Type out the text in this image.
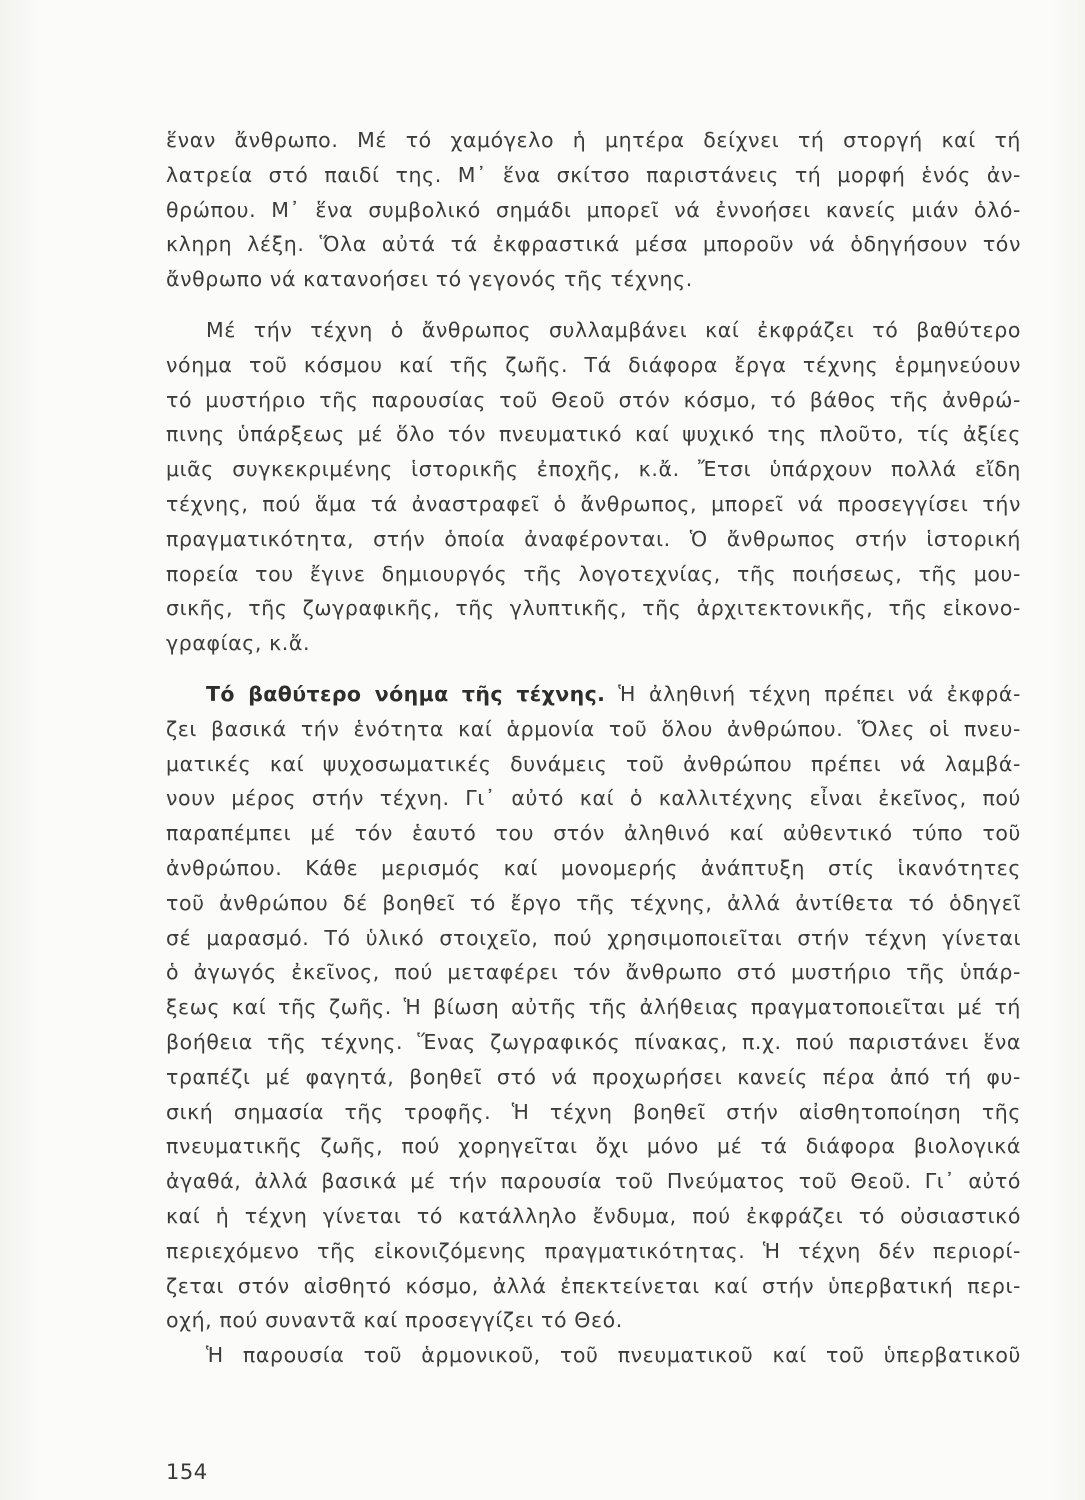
ἕναν ἄνθρωπο. Μέ τό χαμόγελο ἡ μητέρα δείχνει τή στοργή καί τή
λατρεία στό παιδί της. Μ᾽ ἕνα σκίτσο παριστάνεις τή μορφή ἑνός ἀν-
θρώπου. Μ᾽ ἕνα συμβολικό σημάδι μπορεῖ νά ἐννοήσει κανείς μιάν ὁλό-
κληρη λέξη. Ὅλα αὐτά τά ἐκφραστικά μέσα μποροῦν νά ὁδηγήσουν τόν
ἄνθρωπο νά κατανοήσει τό γεγονός τῆς τέχνης.
Μέ τήν τέχνη ὁ ἄνθρωπος συλλαμβάνει καί ἐκφράζει τό βαθύτερο
νόημα τοῦ κόσμου καί τῆς ζωῆς. Τά διάφορα ἔργα τέχνης ἑρμηνεύουν
τό μυστήριο τῆς παρουσίας τοῦ Θεοῦ στόν κόσμο, τό βάθος τῆς ἀνθρώ-
πινης ὑπάρξεως μέ ὅλο τόν πνευματικό καί ψυχικό της πλοῦτο, τίς ἀξίες
μιᾶς συγκεκριμένης ἱστορικῆς ἐποχῆς, κ.ἄ. Ἔτσι ὑπάρχουν πολλά εἴδη
τέχνης, πού ἅμα τά ἀναστραφεῖ ὁ ἄνθρωπος, μπορεῖ νά προσεγγίσει τήν
πραγματικότητα, στήν ὁποία ἀναφέρονται. Ὁ ἄνθρωπος στήν ἱστορική
πορεία του ἔγινε δημιουργός τῆς λογοτεχνίας, τῆς ποιήσεως, τῆς μου-
σικῆς, τῆς ζωγραφικῆς, τῆς γλυπτικῆς, τῆς ἀρχιτεκτονικῆς, τῆς εἰκονο-
γραφίας, κ.ἄ.
Τό βαθύτερο νόημα τῆς τέχνης. Ἡ ἀληθινή τέχνη πρέπει νά ἐκφρά-
ζει βασικά τήν ἑνότητα καί ἁρμονία τοῦ ὅλου ἀνθρώπου. Ὅλες οἱ πνευ-
ματικές καί ψυχοσωματικές δυνάμεις τοῦ ἀνθρώπου πρέπει νά λαμβά-
νουν μέρος στήν τέχνη. Γι᾽ αὐτό καί ὁ καλλιτέχνης εἶναι ἐκεῖνος, πού
παραπέμπει μέ τόν ἑαυτό του στόν ἀληθινό καί αὐθεντικό τύπο τοῦ
ἀνθρώπου. Κάθε μερισμός καί μονομερής ἀνάπτυξη στίς ἱκανότητες
τοῦ ἀνθρώπου δέ βοηθεῖ τό ἔργο τῆς τέχνης, ἀλλά ἀντίθετα τό ὁδηγεῖ
σέ μαρασμό. Τό ὑλικό στοιχεῖο, πού χρησιμοποιεῖται στήν τέχνη γίνεται
ὁ ἀγωγός ἐκεῖνος, πού μεταφέρει τόν ἄνθρωπο στό μυστήριο τῆς ὑπάρ-
ξεως καί τῆς ζωῆς. Ἡ βίωση αὐτῆς τῆς ἀλήθειας πραγματοποιεῖται μέ τή
βοήθεια τῆς τέχνης. Ἕνας ζωγραφικός πίνακας, π.χ. πού παριστάνει ἕνα
τραπέζι μέ φαγητά, βοηθεῖ στό νά προχωρήσει κανείς πέρα ἀπό τή φυ-
σική σημασία τῆς τροφῆς. Ἡ τέχνη βοηθεῖ στήν αἰσθητοποίηση τῆς
πνευματικῆς ζωῆς, πού χορηγεῖται ὄχι μόνο μέ τά διάφορα βιολογικά
ἀγαθά, ἀλλά βασικά μέ τήν παρουσία τοῦ Πνεύματος τοῦ Θεοῦ. Γι᾽ αὐτό
καί ἡ τέχνη γίνεται τό κατάλληλο ἔνδυμα, πού ἐκφράζει τό οὐσιαστικό
περιεχόμενο τῆς εἰκονιζόμενης πραγματικότητας. Ἡ τέχνη δέν περιορί-
ζεται στόν αἰσθητό κόσμο, ἀλλά ἐπεκτείνεται καί στήν ὑπερβατική περι-
οχή, πού συναντᾶ καί προσεγγίζει τό Θεό.
Ἡ παρουσία τοῦ ἁρμονικοῦ, τοῦ πνευματικοῦ καί τοῦ ὑπερβατικοῦ
154
